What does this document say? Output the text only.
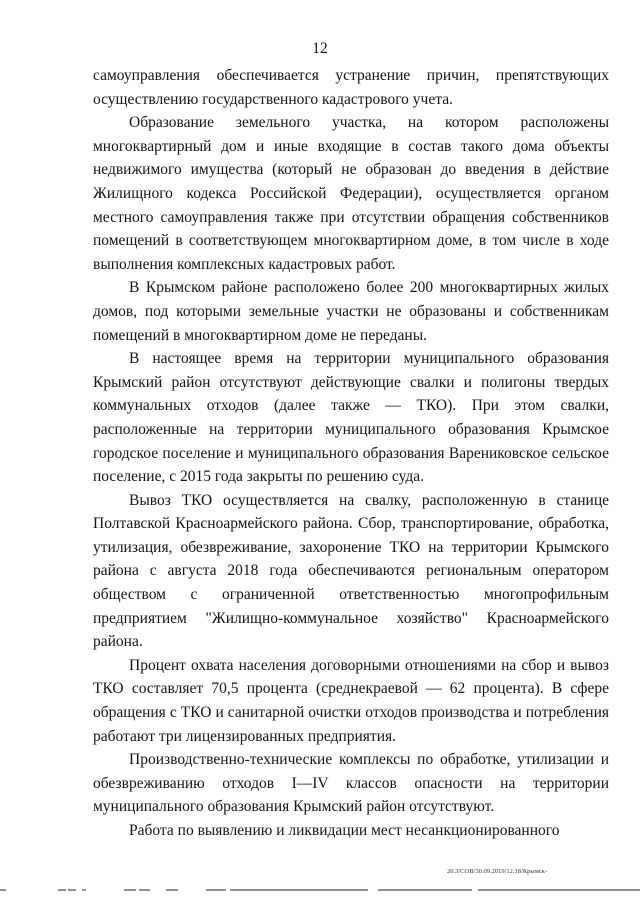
12

самоуправления обеспечивается устранение причин, препятствующих осуществлению государственного кадастрового учета.

Образование земельного участка, на котором расположены многоквартирный дом и иные входящие в состав такого дома объекты недвижимого имущества (который не образован до введения в действие Жилищного кодекса Российской Федерации), осуществляется органом местного самоуправления также при отсутствии обращения собственников помещений в соответствующем многоквартирном доме, в том числе в ходе выполнения комплексных кадастровых работ.

В Крымском районе расположено более 200 многоквартирных жилых домов, под которыми земельные участки не образованы и собственникам помещений в многоквартирном доме не переданы.

В настоящее время на территории муниципального образования Крымский район отсутствуют действующие свалки и полигоны твердых коммунальных отходов (далее также — ТКО). При этом свалки, расположенные на территории муниципального образования Крымское городское поселение и муниципального образования Варениковское сельское поселение, с 2015 года закрыты по решению суда.

Вывоз ТКО осуществляется на свалку, расположенную в станице Полтавской Красноармейского района. Сбор, транспортирование, обработка, утилизация, обезвреживание, захоронение ТКО на территории Крымского района с августа 2018 года обеспечиваются региональным оператором обществом с ограниченной ответственностью многопрофильным предприятием "Жилищно-коммунальное хозяйство" Красноармейского района.

Процент охвата населения договорными отношениями на сбор и вывоз ТКО составляет 70,5 процента (среднекраевой — 62 процента). В сфере обращения с ТКО и санитарной очистки отходов производства и потребления работают три лицензированных предприятия.

Производственно-технические комплексы по обработке, утилизации и обезвреживанию отходов I—IV классов опасности на территории муниципального образования Крымский район отсутствуют.

Работа по выявлению и ликвидации мест несанкционированного

20.3/СОВ/30.09.2019/12.18/Крымск-
